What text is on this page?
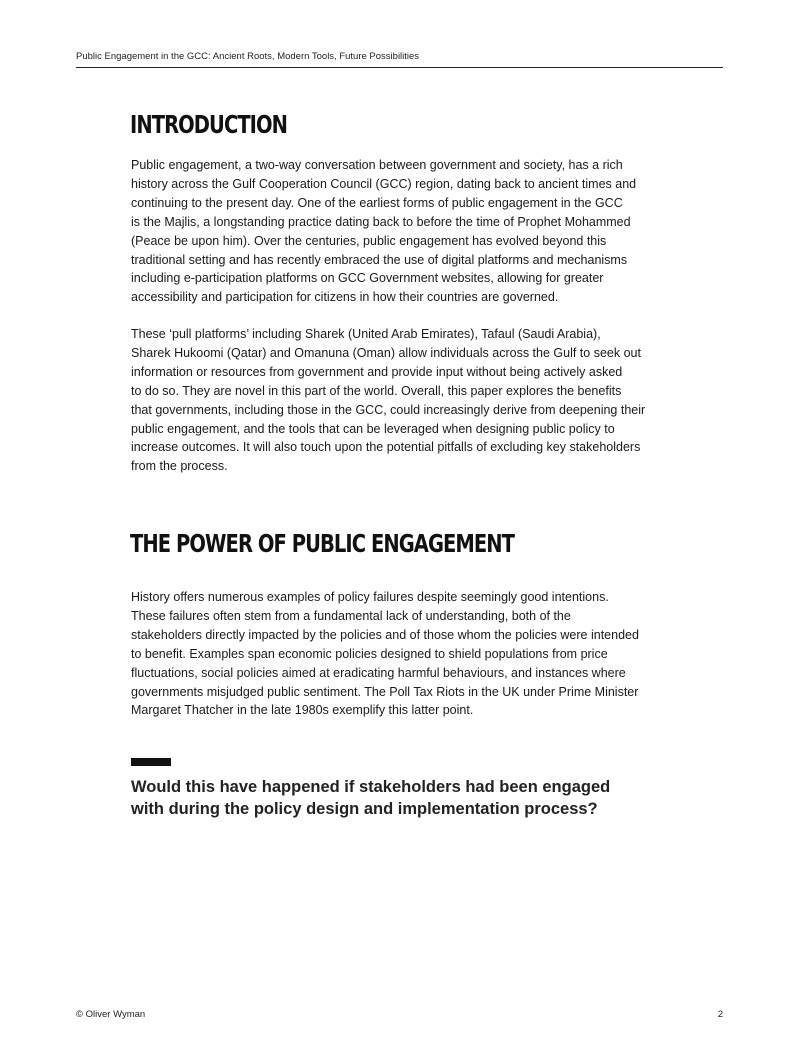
Public Engagement in the GCC: Ancient Roots, Modern Tools, Future Possibilities
INTRODUCTION
Public engagement, a two-way conversation between government and society, has a rich
history across the Gulf Cooperation Council (GCC) region, dating back to ancient times and
continuing to the present day. One of the earliest forms of public engagement in the GCC
is the Majlis, a longstanding practice dating back to before the time of Prophet Mohammed
(Peace be upon him). Over the centuries, public engagement has evolved beyond this
traditional setting and has recently embraced the use of digital platforms and mechanisms
including e-participation platforms on GCC Government websites, allowing for greater
accessibility and participation for citizens in how their countries are governed.
These ‘pull platforms’ including Sharek (United Arab Emirates), Tafaul (Saudi Arabia),
Sharek Hukoomi (Qatar) and Omanuna (Oman) allow individuals across the Gulf to seek out
information or resources from government and provide input without being actively asked
to do so. They are novel in this part of the world. Overall, this paper explores the benefits
that governments, including those in the GCC, could increasingly derive from deepening their
public engagement, and the tools that can be leveraged when designing public policy to
increase outcomes. It will also touch upon the potential pitfalls of excluding key stakeholders
from the process.
THE POWER OF PUBLIC ENGAGEMENT
History offers numerous examples of policy failures despite seemingly good intentions.
These failures often stem from a fundamental lack of understanding, both of the
stakeholders directly impacted by the policies and of those whom the policies were intended
to benefit. Examples span economic policies designed to shield populations from price
fluctuations, social policies aimed at eradicating harmful behaviours, and instances where
governments misjudged public sentiment. The Poll Tax Riots in the UK under Prime Minister
Margaret Thatcher in the late 1980s exemplify this latter point.

Would this have happened if stakeholders had been engaged
with during the policy design and implementation process?

© Oliver Wyman	2
